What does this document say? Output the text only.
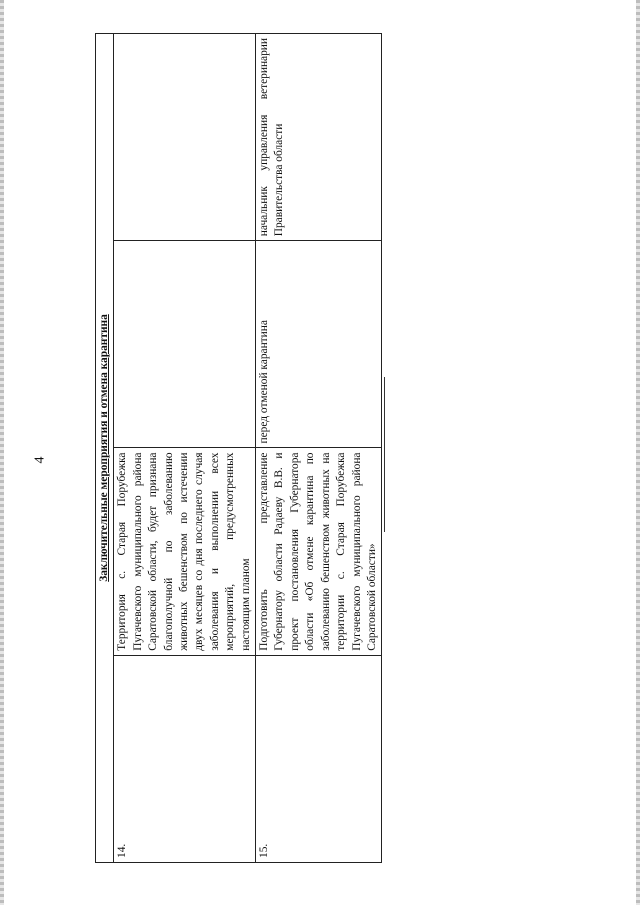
4	Заключительные мероприятия и отмена карантина			
14.	Территория с. Старая Порубежка Пугачевского муниципального района Саратовской области, будет признана благополучной по заболеванию животных бешенством по истечении двух месяцев со дня последнего случая заболевания и выполнении всех мероприятий, предусмотренных настоящим планом		
15.	Подготовить представление Губернатору области Радаеву В.В. и проект постановления Губернатора области «Об отмене карантина по заболеванию бешенством животных на территории с. Старая Порубежка Пугачевского муниципального района Саратовской области»	перед отменой карантина	начальник управления ветеринарии Правительства области
